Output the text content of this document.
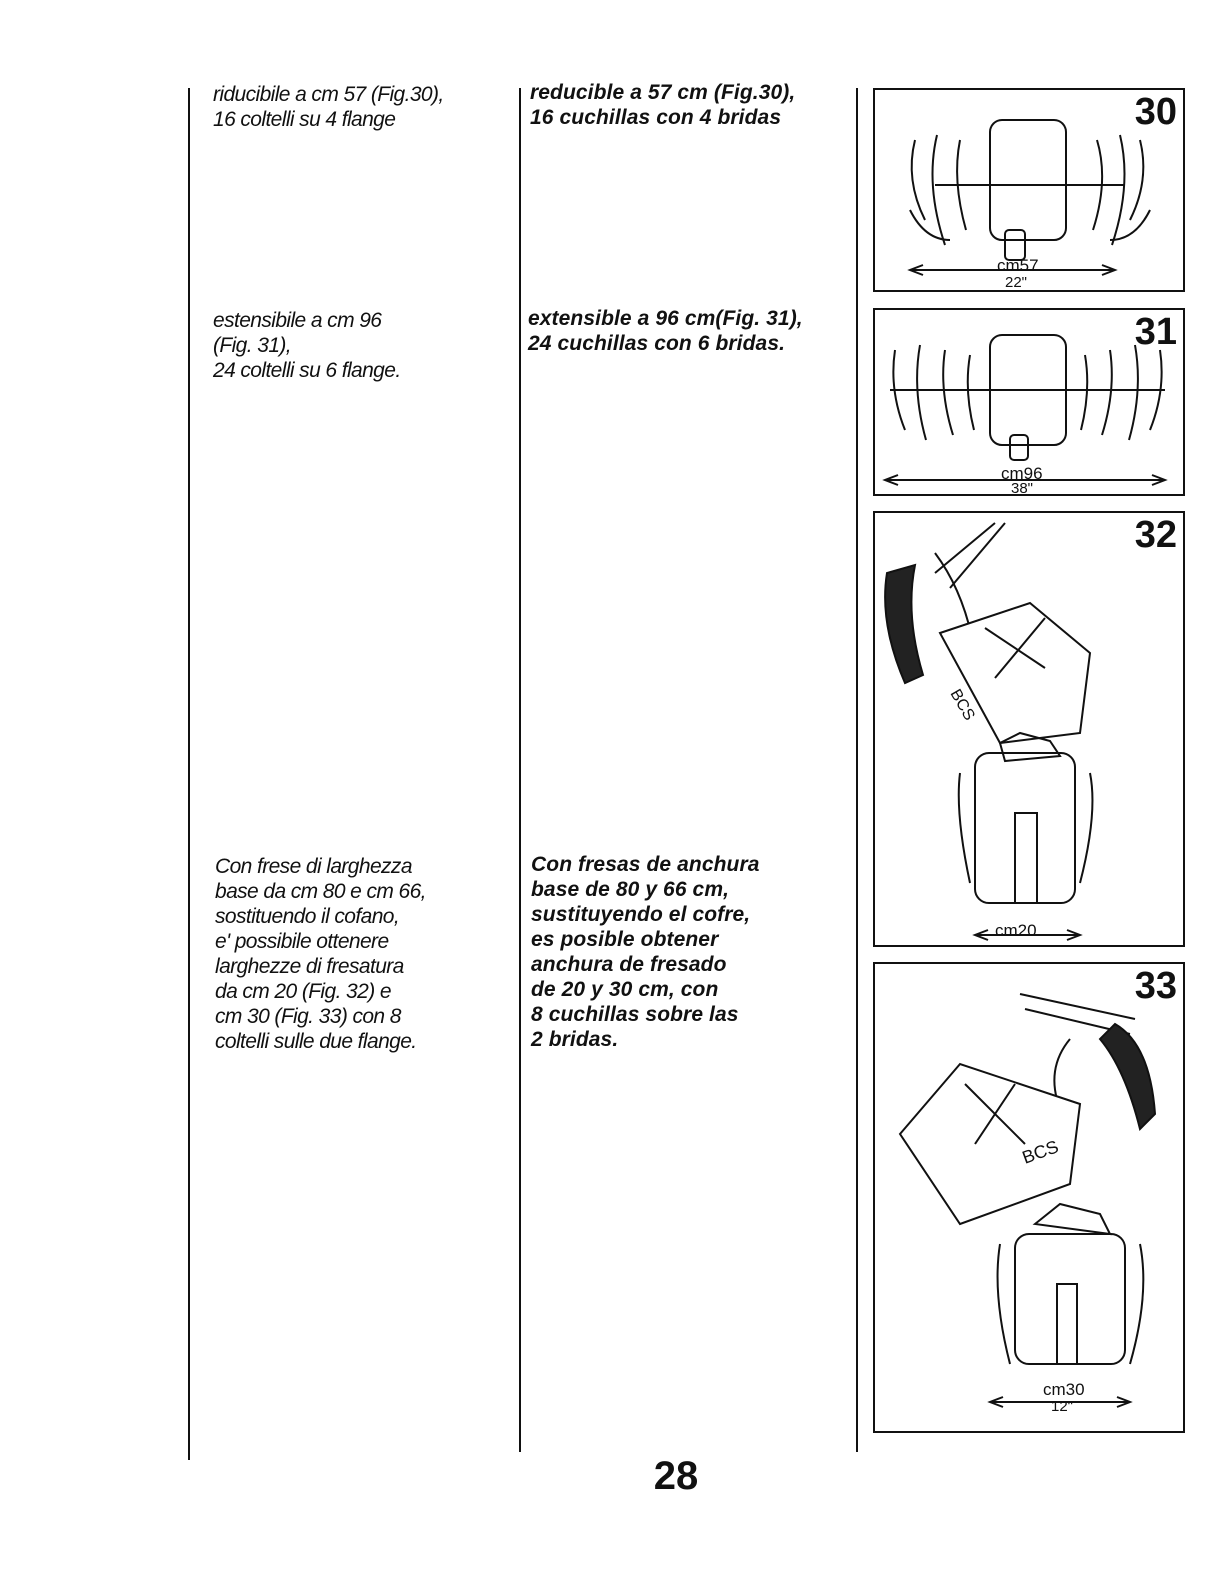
riducibile a cm 57 (Fig.30),
16 coltelli su 4 flange
estensibile a cm 96
(Fig. 31),
24 coltelli su 6 flange.
Con frese di larghezza
base da cm 80 e cm 66,
sostituendo il cofano,
e' possibile ottenere
larghezze di fresatura
da cm 20 (Fig. 32) e
cm 30 (Fig. 33) con 8
coltelli sulle due flange.
reducible a 57 cm (Fig.30),
16 cuchillas con 4 bridas
extensible a 96 cm(Fig. 31),
24 cuchillas con 6 bridas.
Con fresas de anchura
base de 80 y 66 cm,
sustituyendo el cofre,
es posible obtener
anchura de fresado
de 20 y 30 cm, con
8 cuchillas sobre las
2 bridas.
30
cm57
22"
31
cm96
38"
BCS
32
cm20
BCS
33
cm30
12"
28
